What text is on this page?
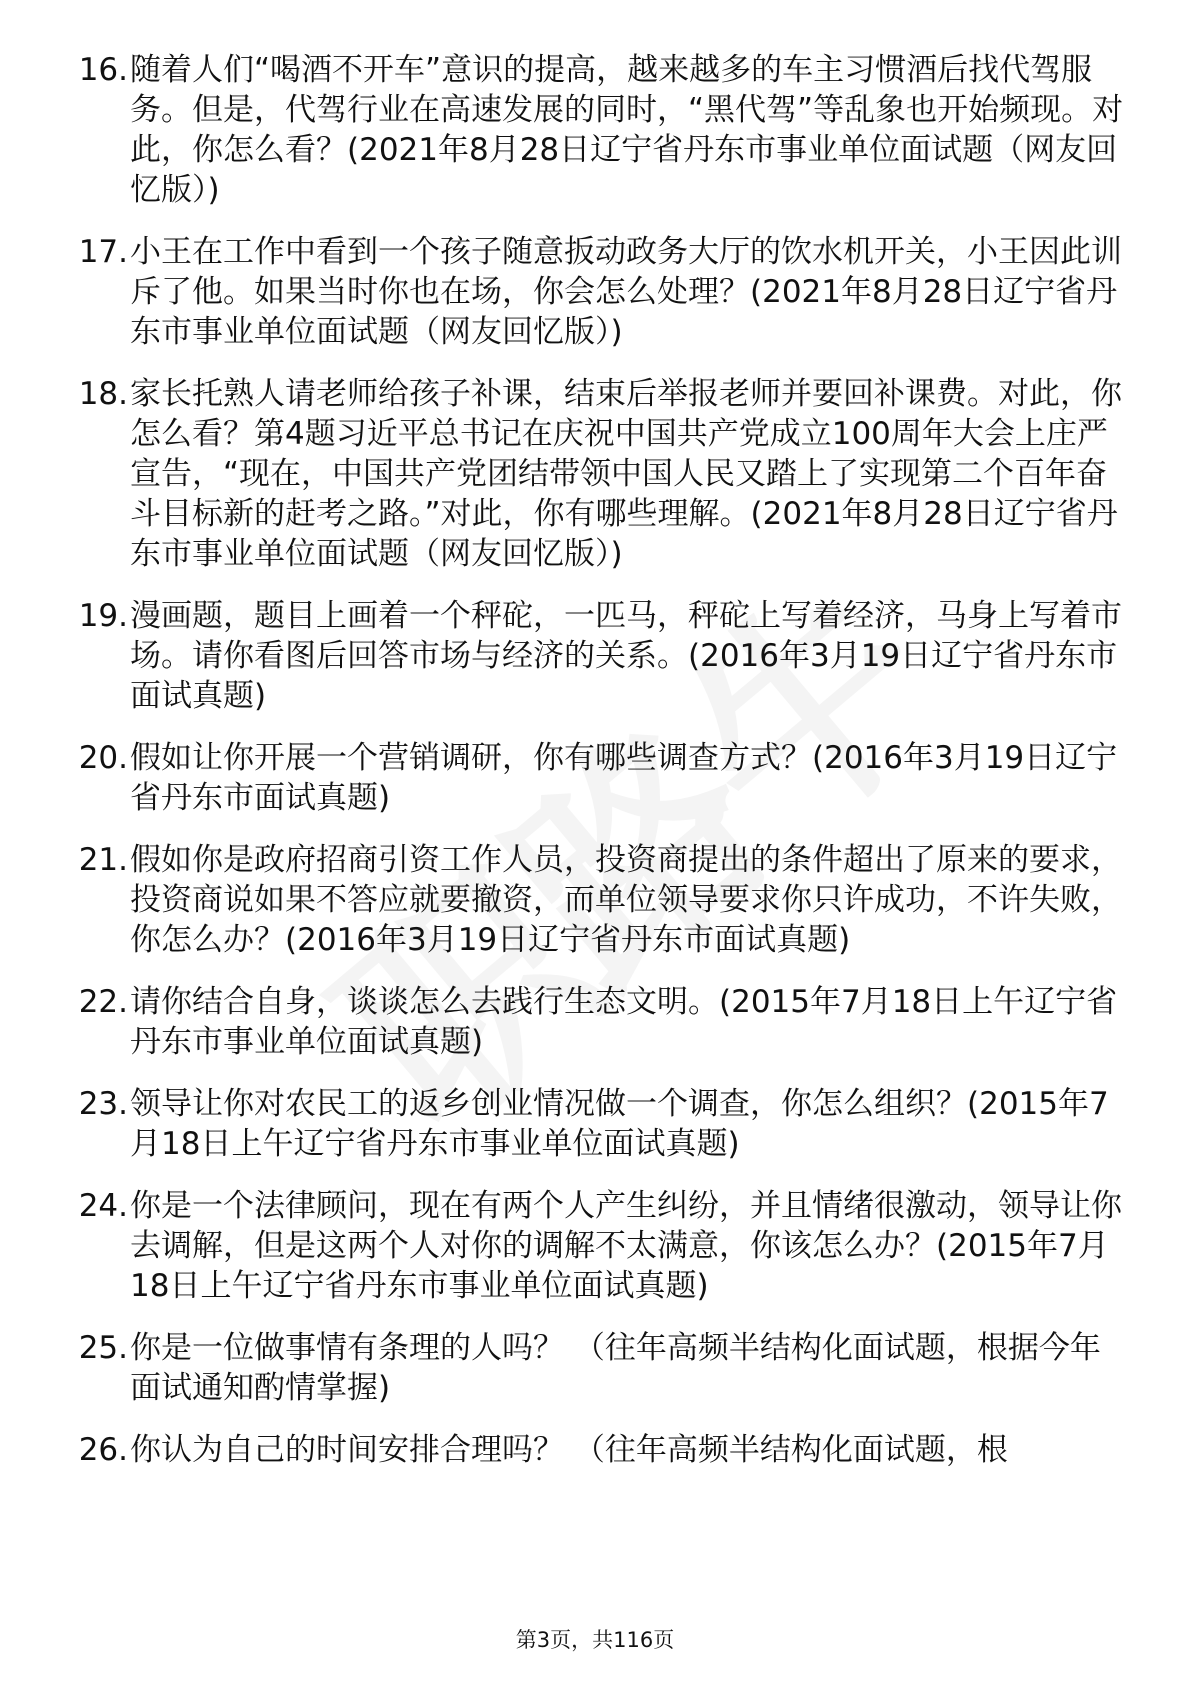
16. 随着人们“喝酒不开车”意识的提高，越来越多的车主习惯酒后找代驾服务。但是，代驾行业在高速发展的同时，“黑代驾”等乱象也开始频现。对此，你怎么看？(2021年8月28日辽宁省丹东市事业单位面试题（网友回忆版）)
17. 小王在工作中看到一个孩子随意扳动政务大厅的饮水机开关，小王因此训斥了他。如果当时你也在场，你会怎么处理？(2021年8月28日辽宁省丹东市事业单位面试题（网友回忆版）)
18. 家长托熟人请老师给孩子补课，结束后举报老师并要回补课费。对此，你怎么看？第4题习近平总书记在庆祝中国共产党成立100周年大会上庄严宣告，“现在，中国共产党团结带领中国人民又踏上了实现第二个百年奋斗目标新的赶考之路。”对此，你有哪些理解。(2021年8月28日辽宁省丹东市事业单位面试题（网友回忆版）)
19. 漫画题，题目上画着一个秤砣，一匹马，秤砣上写着经济，马身上写着市场。请你看图后回答市场与经济的关系。(2016年3月19日辽宁省丹东市面试真题)
20. 假如让你开展一个营销调研，你有哪些调查方式？(2016年3月19日辽宁省丹东市面试真题)
21. 假如你是政府招商引资工作人员，投资商提出的条件超出了原来的要求，投资商说如果不答应就要撤资，而单位领导要求你只许成功，不许失败，你怎么办？(2016年3月19日辽宁省丹东市面试真题)
22. 请你结合自身，谈谈怎么去践行生态文明。(2015年7月18日上午辽宁省丹东市事业单位面试真题)
23. 领导让你对农民工的返乡创业情况做一个调查，你怎么组织？(2015年7月18日上午辽宁省丹东市事业单位面试真题)
24. 你是一个法律顾问，现在有两个人产生纠纷，并且情绪很激动，领导让你去调解，但是这两个人对你的调解不太满意，你该怎么办？(2015年7月18日上午辽宁省丹东市事业单位面试真题)
25. 你是一位做事情有条理的人吗？ （往年高频半结构化面试题，根据今年面试通知酌情掌握)
26. 你认为自己的时间安排合理吗？ （往年高频半结构化面试题，根
第3页，共116页
